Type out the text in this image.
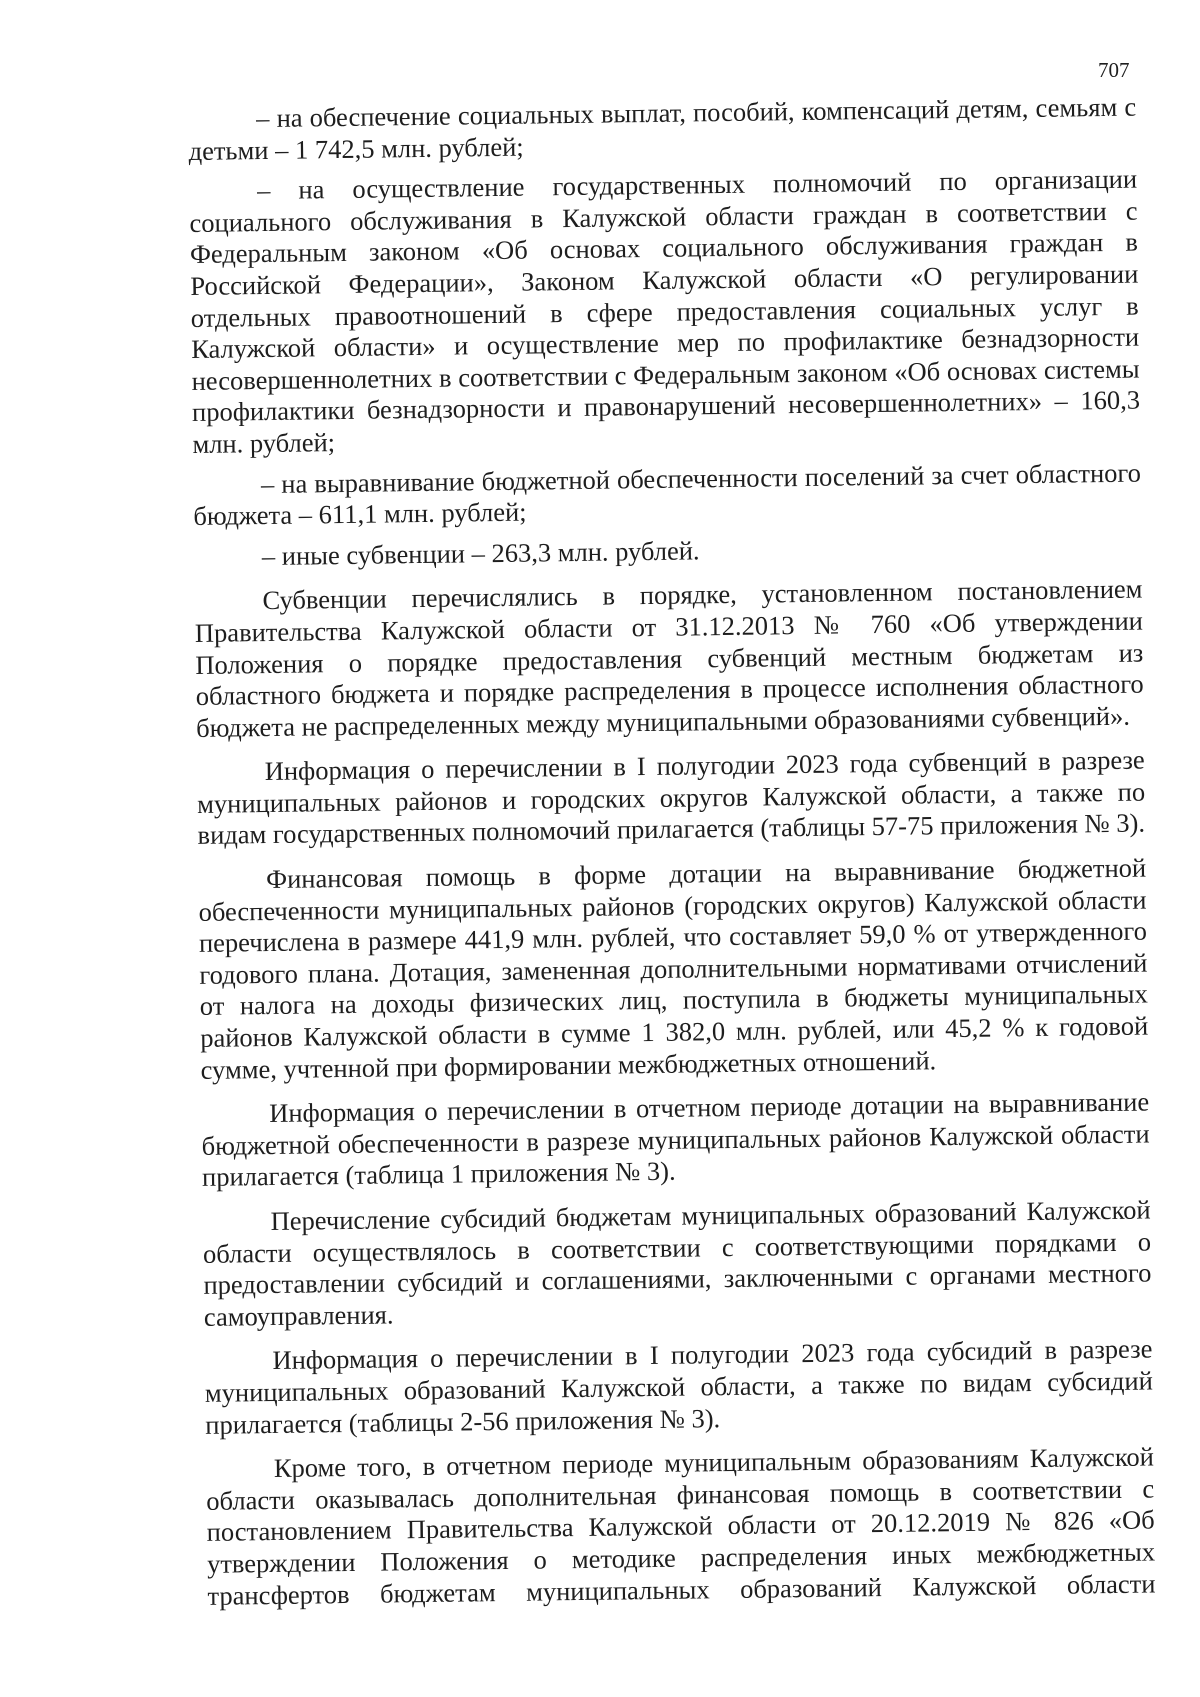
707

– на обеспечение социальных выплат, пособий, компенсаций детям, семьям с детьми – 1 742,5 млн. рублей;

– на осуществление государственных полномочий по организации социального обслуживания в Калужской области граждан в соответствии с Федеральным законом «Об основах социального обслуживания граждан в Российской Федерации», Законом Калужской области «О регулировании отдельных правоотношений в сфере предоставления социальных услуг в Калужской области» и осуществление мер по профилактике безнадзорности несовершеннолетних в соответствии с Федеральным законом «Об основах системы профилактики безнадзорности и правонарушений несовершеннолетних» – 160,3 млн. рублей;

– на выравнивание бюджетной обеспеченности поселений за счет областного бюджета – 611,1 млн. рублей;

– иные субвенции – 263,3 млн. рублей.

Субвенции перечислялись в порядке, установленном постановлением Правительства Калужской области от 31.12.2013 № 760 «Об утверждении Положения о порядке предоставления субвенций местным бюджетам из областного бюджета и порядке распределения в процессе исполнения областного бюджета не распределенных между муниципальными образованиями субвенций».

Информация о перечислении в I полугодии 2023 года субвенций в разрезе муниципальных районов и городских округов Калужской области, а также по видам государственных полномочий прилагается (таблицы 57-75 приложения № 3).

Финансовая помощь в форме дотации на выравнивание бюджетной обеспеченности муниципальных районов (городских округов) Калужской области перечислена в размере 441,9 млн. рублей, что составляет 59,0 % от утвержденного годового плана. Дотация, замененная дополнительными нормативами отчислений от налога на доходы физических лиц, поступила в бюджеты муниципальных районов Калужской области в сумме 1 382,0 млн. рублей, или 45,2 % к годовой сумме, учтенной при формировании межбюджетных отношений.

Информация о перечислении в отчетном периоде дотации на выравнивание бюджетной обеспеченности в разрезе муниципальных районов Калужской области прилагается (таблица 1 приложения № 3).

Перечисление субсидий бюджетам муниципальных образований Калужской области осуществлялось в соответствии с соответствующими порядками о предоставлении субсидий и соглашениями, заключенными с органами местного самоуправления.

Информация о перечислении в I полугодии 2023 года субсидий в разрезе муниципальных образований Калужской области, а также по видам субсидий прилагается (таблицы 2-56 приложения № 3).

Кроме того, в отчетном периоде муниципальным образованиям Калужской области оказывалась дополнительная финансовая помощь в соответствии с постановлением Правительства Калужской области от 20.12.2019 № 826 «Об утверждении Положения о методике распределения иных межбюджетных трансфертов бюджетам муниципальных образований Калужской области
